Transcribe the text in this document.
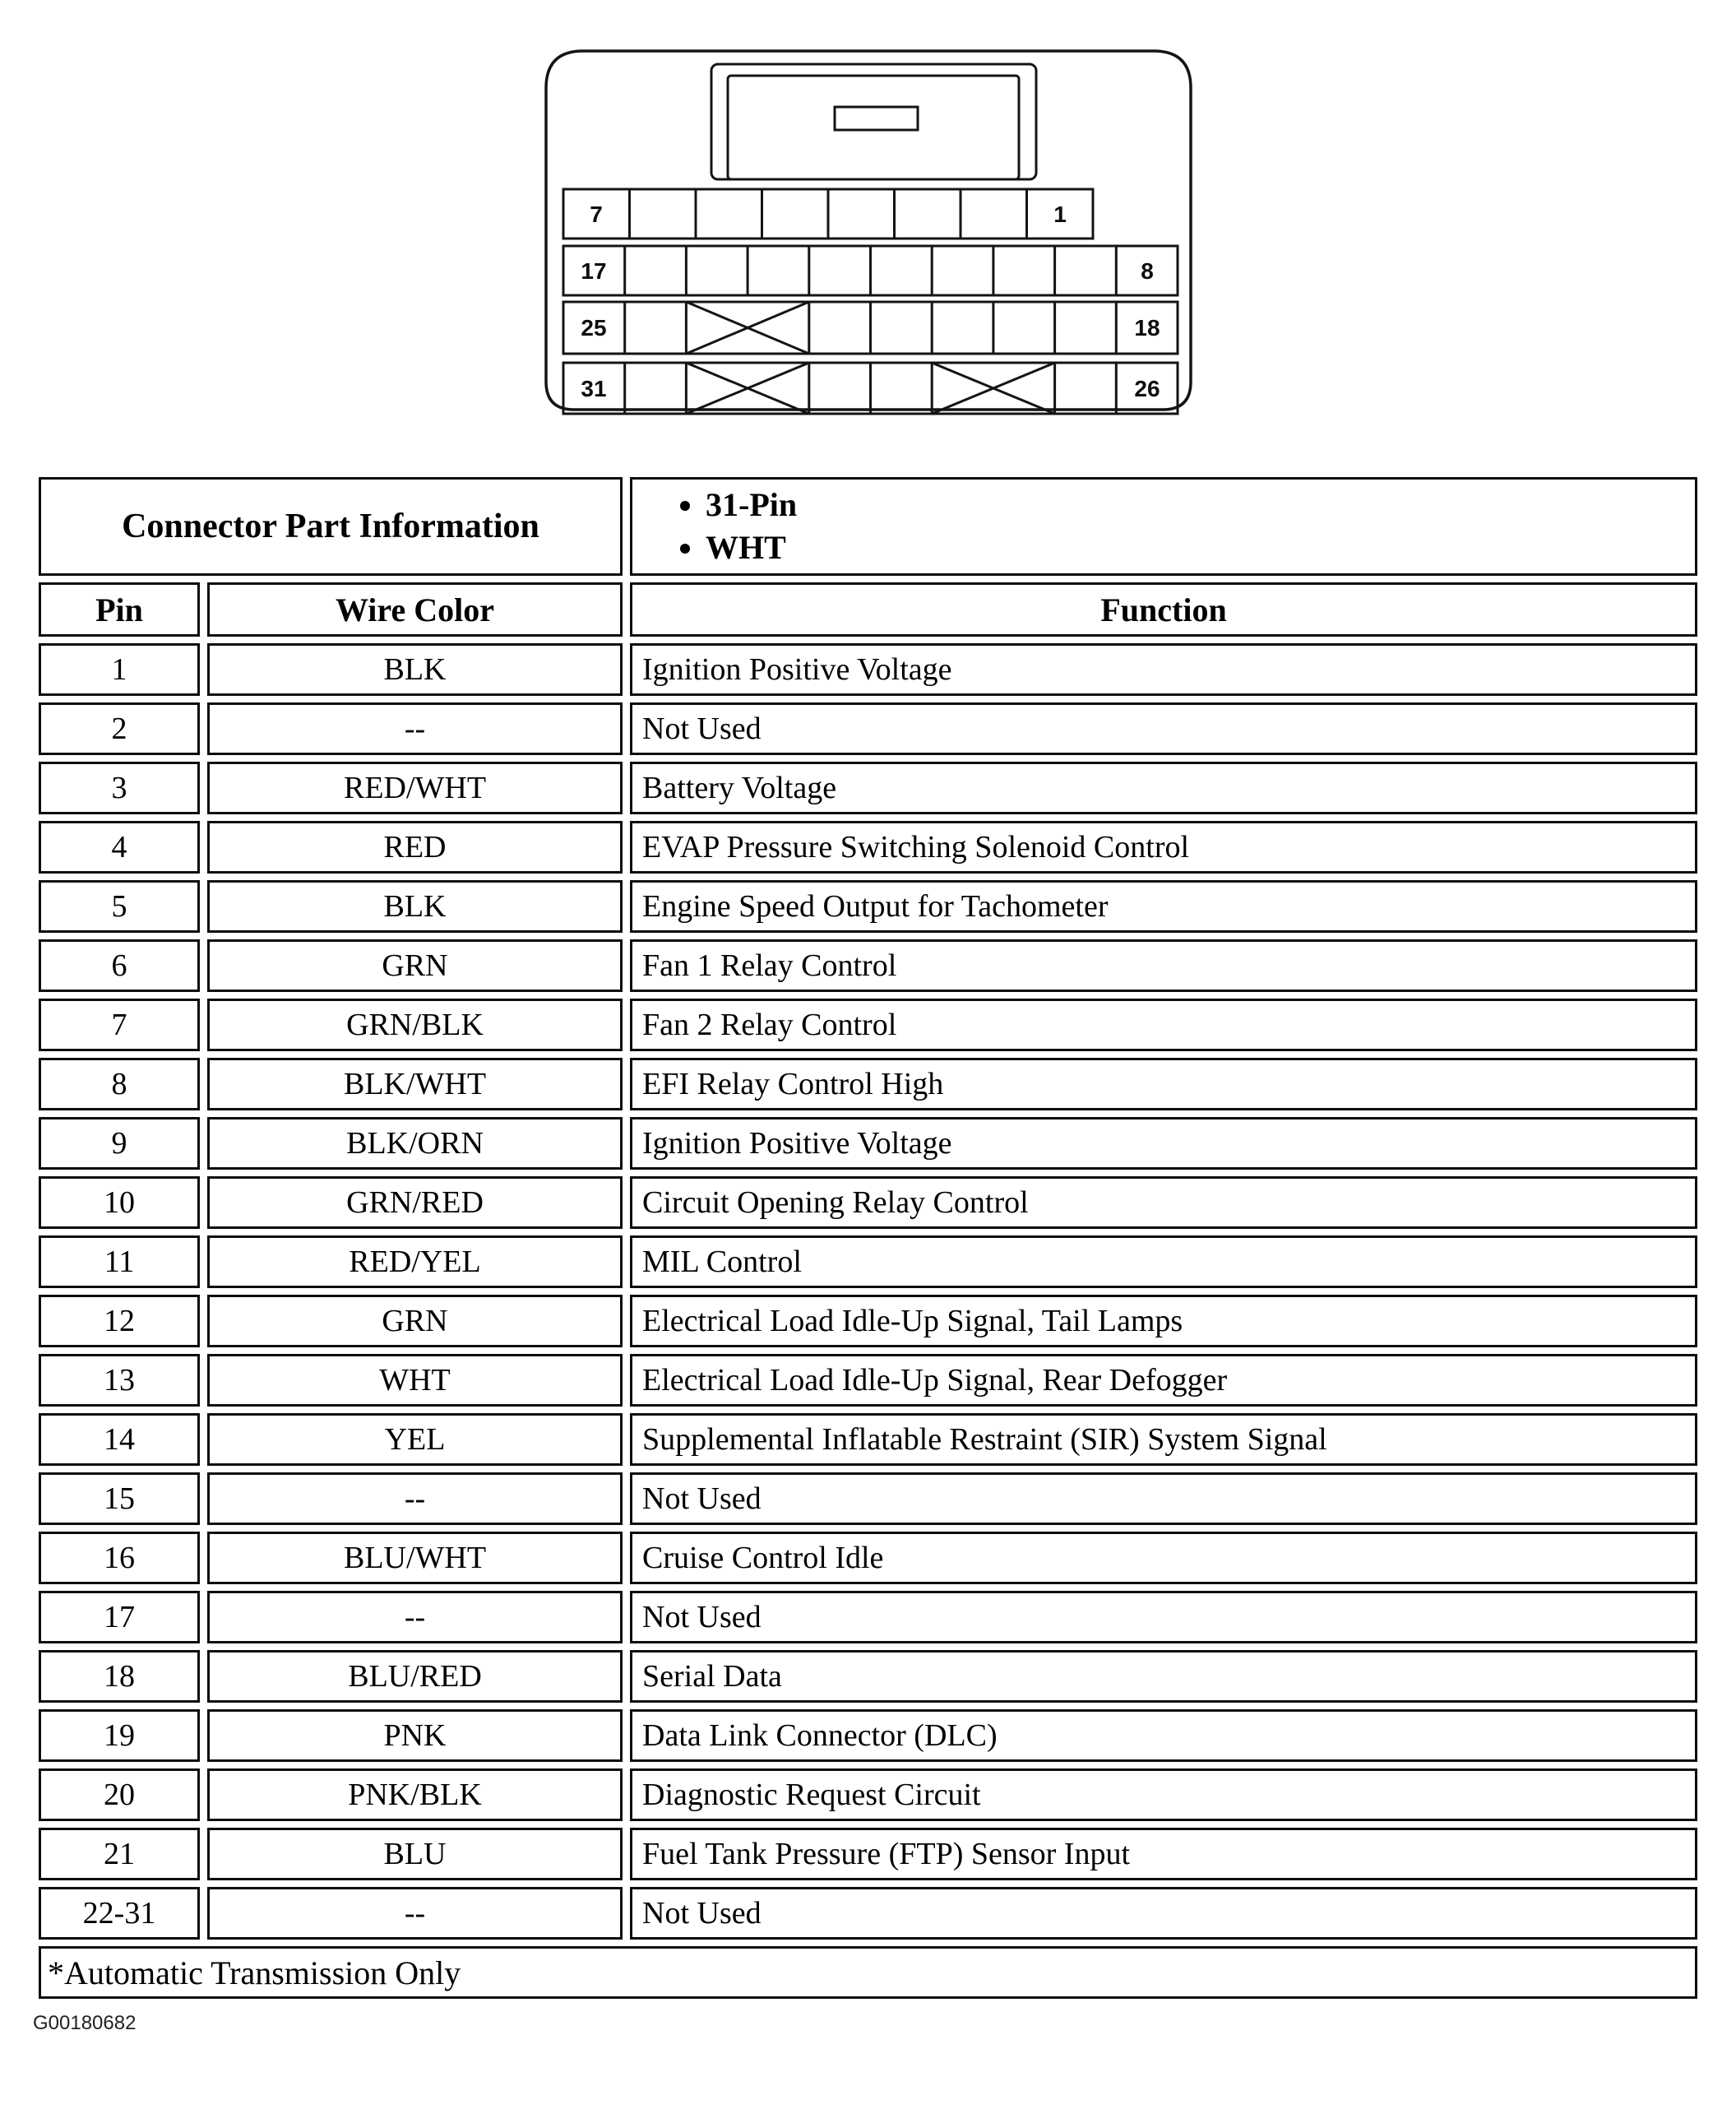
7	1
17	8
25	18
31	26
Connector Part Information	
• 31-Pin
• WHT

Pin	Wire Color	Function
1	BLK	Ignition Positive Voltage
2	--	Not Used
3	RED/WHT	Battery Voltage
4	RED	EVAP Pressure Switching Solenoid Control
5	BLK	Engine Speed Output for Tachometer
6	GRN	Fan 1 Relay Control
7	GRN/BLK	Fan 2 Relay Control
8	BLK/WHT	EFI Relay Control High
9	BLK/ORN	Ignition Positive Voltage
10	GRN/RED	Circuit Opening Relay Control
11	RED/YEL	MIL Control
12	GRN	Electrical Load Idle-Up Signal, Tail Lamps
13	WHT	Electrical Load Idle-Up Signal, Rear Defogger
14	YEL	Supplemental Inflatable Restraint (SIR) System Signal
15	--	Not Used
16	BLU/WHT	Cruise Control Idle
17	--	Not Used
18	BLU/RED	Serial Data
19	PNK	Data Link Connector (DLC)
20	PNK/BLK	Diagnostic Request Circuit
21	BLU	Fuel Tank Pressure (FTP) Sensor Input
22-31	--	Not Used
*Automatic Transmission Only		
G00180682
